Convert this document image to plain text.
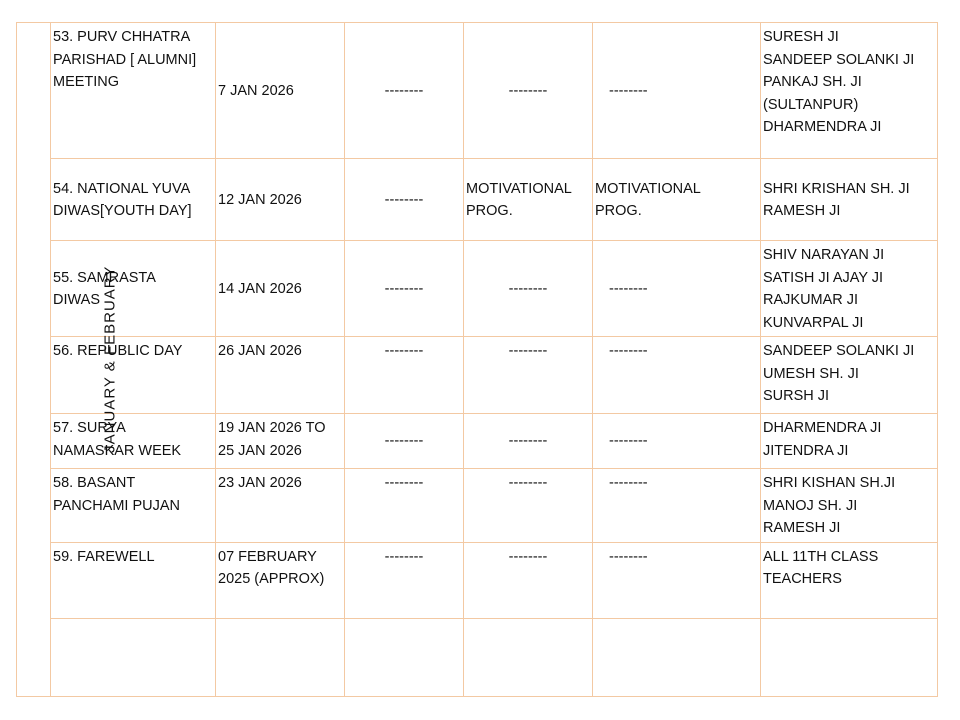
JANUARY & FEBRUARY	53. PURV CHHATRA
PARISHAD [ ALUMNI]
MEETING	7 JAN 2026	--------	--------	--------	SURESH JI
SANDEEP SOLANKI JI
PANKAJ SH. JI
(SULTANPUR)
DHARMENDRA JI

	54. NATIONAL YUVA
DIWAS[YOUTH DAY]	12 JAN 2026	--------	MOTIVATIONAL
PROG.	MOTIVATIONAL
PROG.	SHRI KRISHAN SH. JI
RAMESH JI

	55. SAMRASTA
DIWAS	14 JAN 2026	--------	--------	--------	SHIV NARAYAN JI
SATISH JI AJAY JI
RAJKUMAR JI
KUNVARPAL JI

	56. REPUBLIC DAY	26 JAN 2026	--------	--------	--------	SANDEEP SOLANKI JI
UMESH SH. JI
SURSH JI

	57. SURYA
NAMASKAR WEEK	19 JAN 2026 TO
25 JAN 2026	--------	--------	--------	DHARMENDRA JI
JITENDRA JI

	58. BASANT
PANCHAMI PUJAN	23 JAN 2026	--------	--------	--------	SHRI KISHAN SH.JI
MANOJ SH. JI
RAMESH JI

	59. FAREWELL	07 FEBRUARY
2025 (APPROX)	--------	--------	--------	ALL 11TH CLASS
TEACHERS
